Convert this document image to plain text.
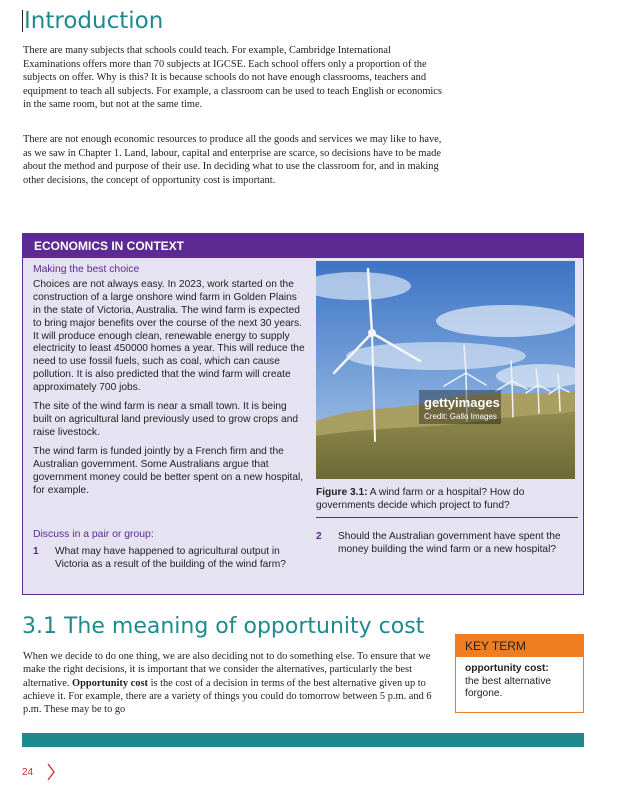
Introduction

There are many subjects that schools could teach. For example, Cambridge International Examinations offers more than 70 subjects at IGCSE. Each school offers only a proportion of the subjects on offer. Why is this? It is because schools do not have enough classrooms, teachers and equipment to teach all subjects. For example, a classroom can be used to teach English or economics in the same room, but not at the same time.

There are not enough economic resources to produce all the goods and services we may like to have, as we saw in Chapter 1. Land, labour, capital and enterprise are scarce, so decisions have to be made about the method and purpose of their use. In deciding what to use the classroom for, and in making other decisions, the concept of opportunity cost is important.

ECONOMICS IN CONTEXT
Making the best choice

Choices are not always easy. In 2023, work started on the construction of a large onshore wind farm in Golden Plains in the state of Victoria, Australia. The wind farm is expected to bring major benefits over the course of the next 30 years. It will produce enough clean, renewable energy to supply electricity to least 450000 homes a year. This will reduce the need to use fossil fuels, such as coal, which can cause pollution. It is also predicted that the wind farm will create approximately 700 jobs.

The site of the wind farm is near a small town. It is being built on agricultural land previously used to grow crops and raise livestock.

The wind farm is funded jointly by a French firm and the Australian government. Some Australians argue that government money could be better spent on a new hospital, for example.

Discuss in a pair or group:
1 What may have happened to agricultural output in Victoria as a result of the building of the wind farm?
2 Should the Australian government have spent the money building the wind farm or a new hospital?
gettyimages
Credit: Gallo Images
Figure 3.1: A wind farm or a hospital? How do governments decide which project to fund?
3.1 The meaning of opportunity cost

When we decide to do one thing, we are also deciding not to do something else. To ensure that we make the right decisions, it is important that we consider the alternatives, particularly the best alternative. Opportunity cost is the cost of a decision in terms of the best alternative given up to achieve it. For example, there are a variety of things you could do tomorrow between 5 p.m. and 6 p.m. These may be to go

KEY TERM
opportunity cost:
the best alternative forgone.
24
